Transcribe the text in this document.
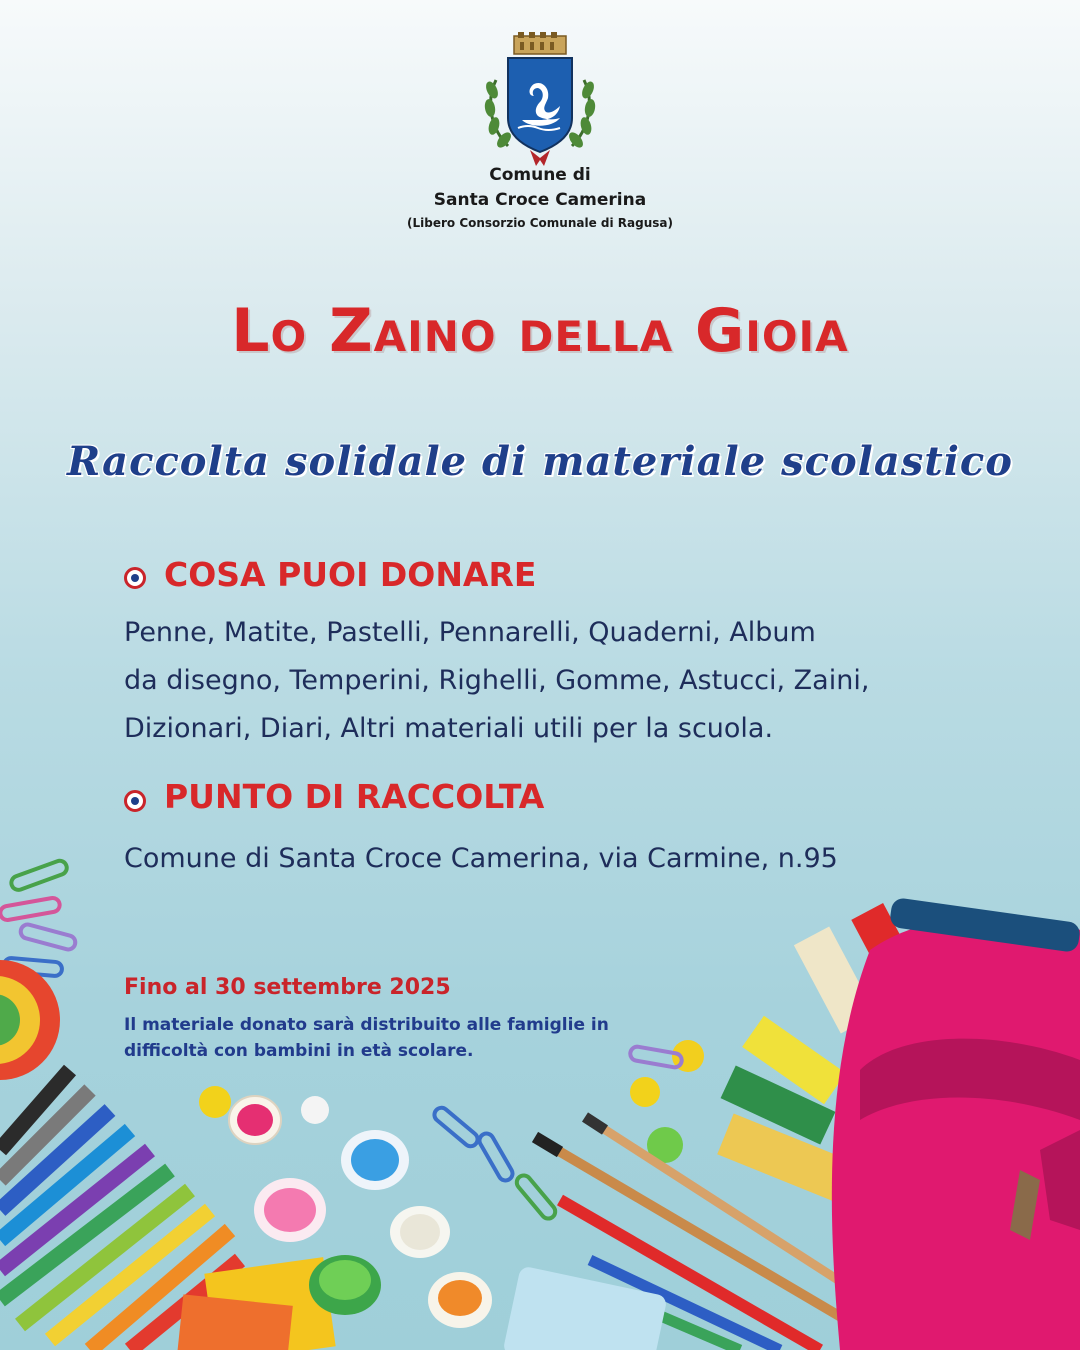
Comune di
Santa Croce Camerina
(Libero Consorzio Comunale di Ragusa)
Lo Zaino della Gioia
Raccolta solidale di materiale scolastico
COSA PUOI DONARE
Penne, Matite, Pastelli, Pennarelli, Quaderni, Album
da disegno, Temperini, Righelli, Gomme, Astucci, Zaini,
Dizionari, Diari, Altri materiali utili per la scuola.
PUNTO DI RACCOLTA
Comune di Santa Croce Camerina, via Carmine, n.95
Fino al 30 settembre 2025
Il materiale donato sarà distribuito alle famiglie in
difficoltà con bambini in età scolare.
